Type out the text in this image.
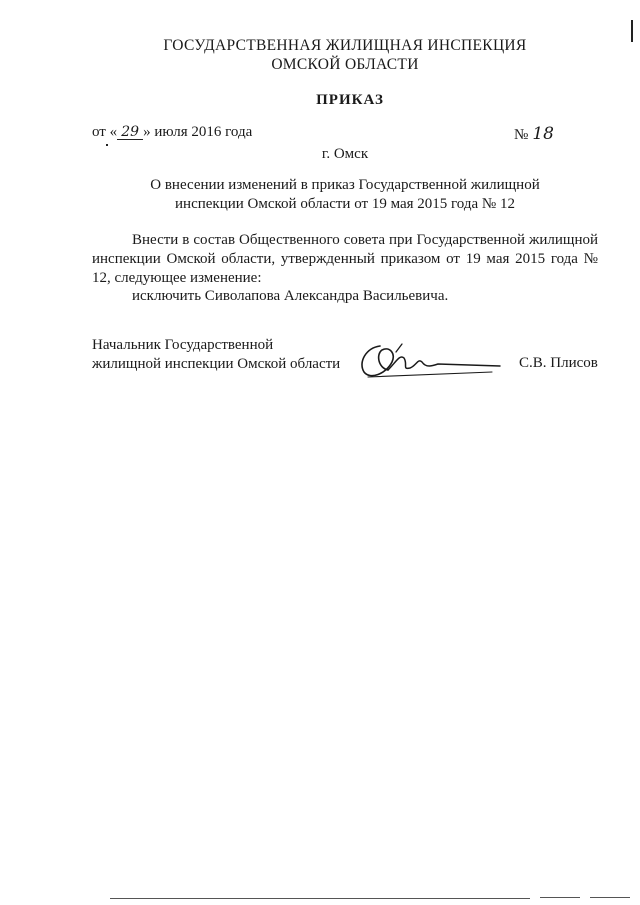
ГОСУДАРСТВЕННАЯ ЖИЛИЩНАЯ ИНСПЕКЦИЯ
ОМСКОЙ ОБЛАСТИ
ПРИКАЗ
от « 29 » июля 2016 года	№ 18
г. Омск
О внесении изменений в приказ Государственной жилищной
инспекции Омской области от 19 мая 2015 года № 12
Внести в состав Общественного совета при Государственной жилищной инспекции Омской области, утвержденный приказом от 19 мая 2015 года № 12, следующее изменение:
исключить Сиволапова Александра Васильевича.
Начальник Государственной
жилищной инспекции Омской области	С.В. Плисов
